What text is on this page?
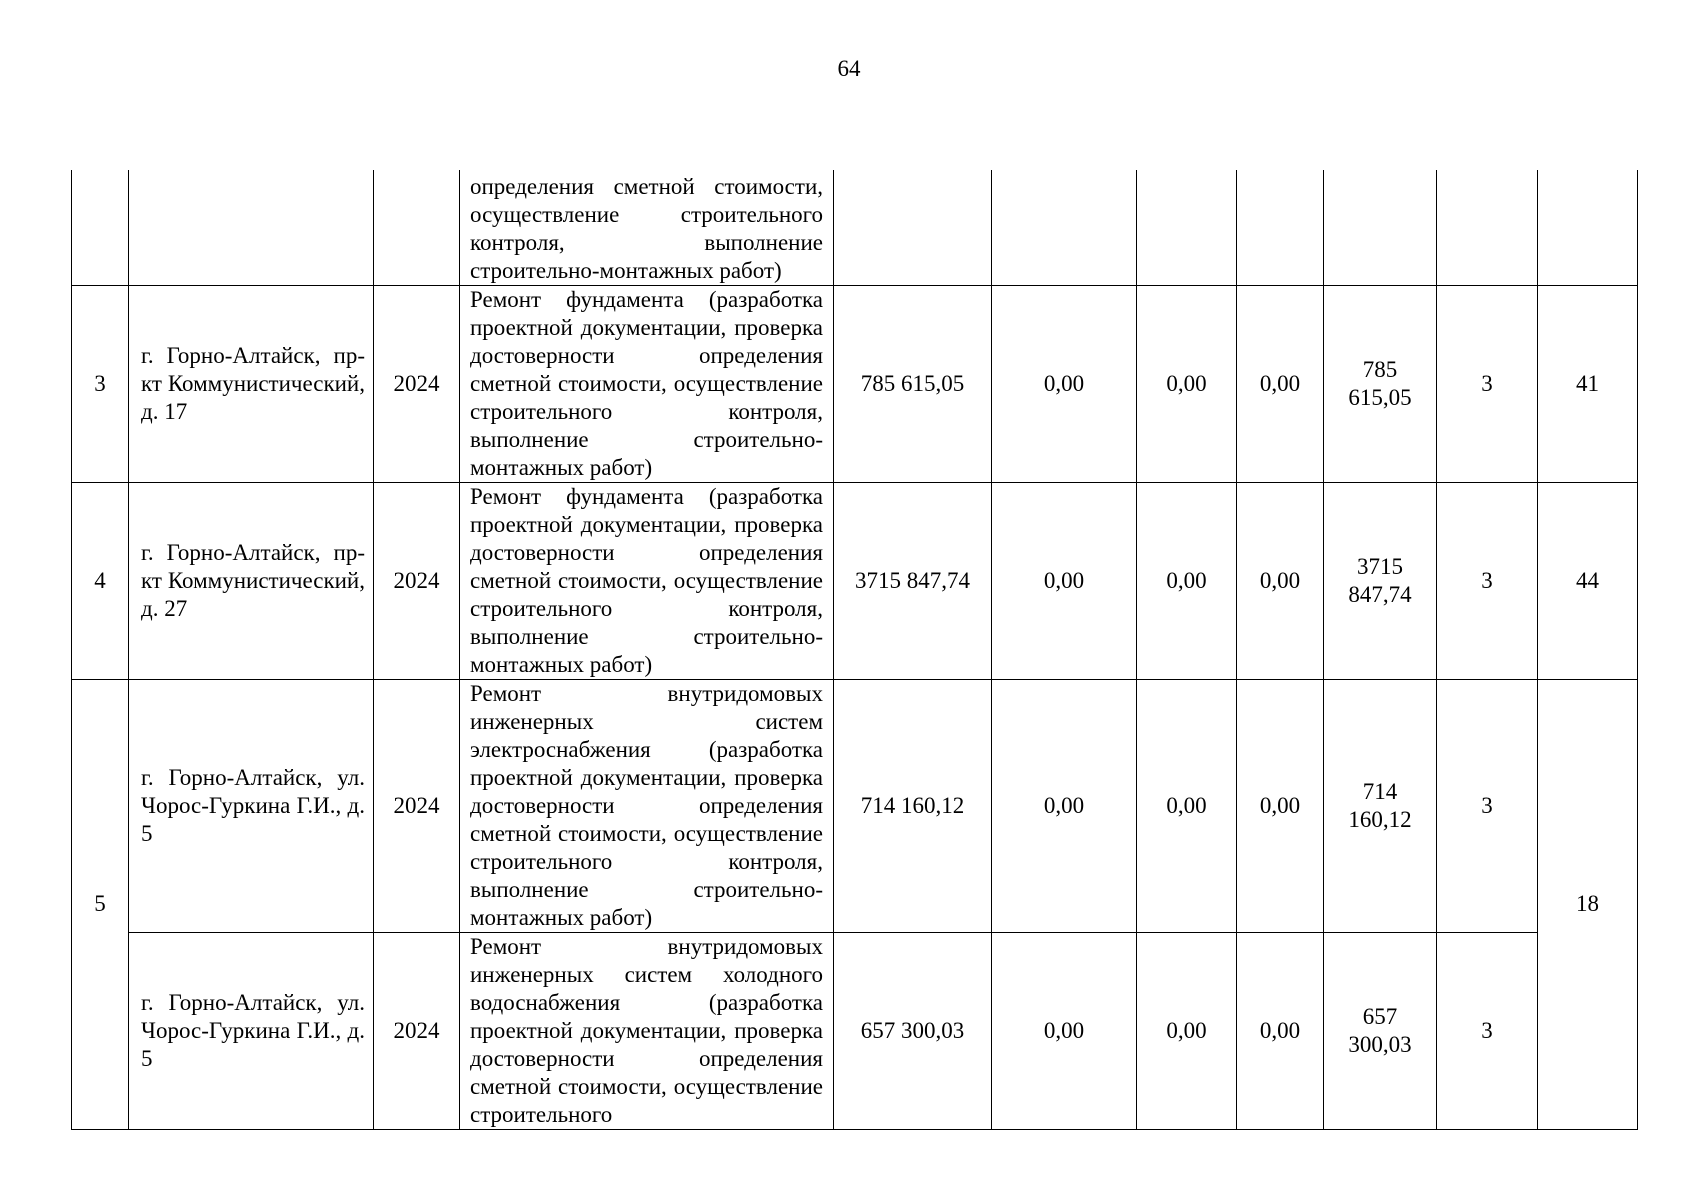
64
			определения сметной стоимости, осуществление строительного контроля, выполнение строительно-монтажных работ)							
3	г. Горно-Алтайск, пр-кт Коммунистический, д. 17	2024	Ремонт фундамента (разработка проектной документации, проверка достоверности определения сметной стоимости, осуществление строительного контроля, выполнение строительно-монтажных работ)	785 615,05	0,00	0,00	0,00	785 615,05	3	41
4	г. Горно-Алтайск, пр-кт Коммунистический, д. 27	2024	Ремонт фундамента (разработка проектной документации, проверка достоверности определения сметной стоимости, осуществление строительного контроля, выполнение строительно-монтажных работ)	3715 847,74	0,00	0,00	0,00	3715 847,74	3	44
5	г. Горно-Алтайск, ул. Чорос-Гуркина Г.И., д. 5	2024	Ремонт внутридомовых инженерных систем электроснабжения (разработка проектной документации, проверка достоверности определения сметной стоимости, осуществление строительного контроля, выполнение строительно-монтажных работ)	714 160,12	0,00	0,00	0,00	714 160,12	3	18
	г. Горно-Алтайск, ул. Чорос-Гуркина Г.И., д. 5	2024	Ремонт внутридомовых инженерных систем холодного водоснабжения (разработка проектной документации, проверка достоверности определения сметной стоимости, осуществление строительного	657 300,03	0,00	0,00	0,00	657 300,03	3	
